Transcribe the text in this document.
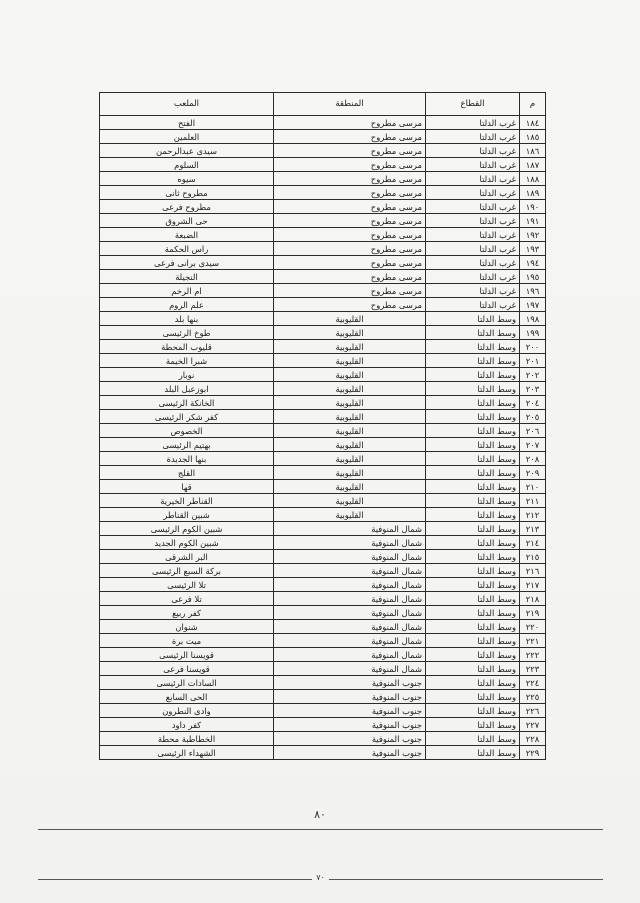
م	القطاع	المنطقة	الملعب
١٨٤	غرب الدلتا	مرسى مطروح	الفتح
١٨٥	غرب الدلتا	مرسى مطروح	العلمين
١٨٦	غرب الدلتا	مرسى مطروح	سيدى عبدالرحمن
١٨٧	غرب الدلتا	مرسى مطروح	السلوم
١٨٨	غرب الدلتا	مرسى مطروح	سيوه
١٨٩	غرب الدلتا	مرسى مطروح	مطروح ثانى
١٩٠	غرب الدلتا	مرسى مطروح	مطروح فرعى
١٩١	غرب الدلتا	مرسى مطروح	حى الشروق
١٩٢	غرب الدلتا	مرسى مطروح	الضبعة
١٩٣	غرب الدلتا	مرسى مطروح	راس الحكمة
١٩٤	غرب الدلتا	مرسى مطروح	سيدى برانى فرعى
١٩٥	غرب الدلتا	مرسى مطروح	النجيلة
١٩٦	غرب الدلتا	مرسى مطروح	ام الرخم
١٩٧	غرب الدلتا	مرسى مطروح	علم الروم
١٩٨	وسط الدلتا	القليوبية	بنها بلد
١٩٩	وسط الدلتا	القليوبية	طوخ الرئيسى
٢٠٠	وسط الدلتا	القليوبية	قليوب المحطة
٢٠١	وسط الدلتا	القليوبية	شبرا الخيمة
٢٠٢	وسط الدلتا	القليوبية	نوبار
٢٠٣	وسط الدلتا	القليوبية	ابوزعبل البلد
٢٠٤	وسط الدلتا	القليوبية	الخانكة الرئيسى
٢٠٥	وسط الدلتا	القليوبية	كفر شكر الرئيسى
٢٠٦	وسط الدلتا	القليوبية	الخصوص
٢٠٧	وسط الدلتا	القليوبية	بهتيم الرئيسى
٢٠٨	وسط الدلتا	القليوبية	بنها الجديدة
٢٠٩	وسط الدلتا	القليوبية	القلج
٢١٠	وسط الدلتا	القليوبية	قها
٢١١	وسط الدلتا	القليوبية	القناطر الخيرية
٢١٢	وسط الدلتا	القليوبية	شبين القناطر
٢١٣	وسط الدلتا	شمال المنوفية	شبين الكوم الرئيسى
٢١٤	وسط الدلتا	شمال المنوفية	شبين الكوم الجديد
٢١٥	وسط الدلتا	شمال المنوفية	البر الشرقى
٢١٦	وسط الدلتا	شمال المنوفية	بركة السبع الرئيسى
٢١٧	وسط الدلتا	شمال المنوفية	تلا الرئيسى
٢١٨	وسط الدلتا	شمال المنوفية	تلا فرعى
٢١٩	وسط الدلتا	شمال المنوفية	كفر ربيع
٢٢٠	وسط الدلتا	شمال المنوفية	شنوان
٢٢١	وسط الدلتا	شمال المنوفية	ميت برة
٢٢٢	وسط الدلتا	شمال المنوفية	قويسنا الرئيسى
٢٢٣	وسط الدلتا	شمال المنوفية	قويسنا فرعى
٢٢٤	وسط الدلتا	جنوب المنوفية	السادات الرئيسى
٢٢٥	وسط الدلتا	جنوب المنوفية	الحى السابع
٢٢٦	وسط الدلتا	جنوب المنوفية	وادى النطرون
٢٢٧	وسط الدلتا	جنوب المنوفية	كفر داود
٢٢٨	وسط الدلتا	جنوب المنوفية	الخطاطبة محطة
٢٢٩	وسط الدلتا	جنوب المنوفية	الشهداء الرئيسى
٨٠
٧٠
